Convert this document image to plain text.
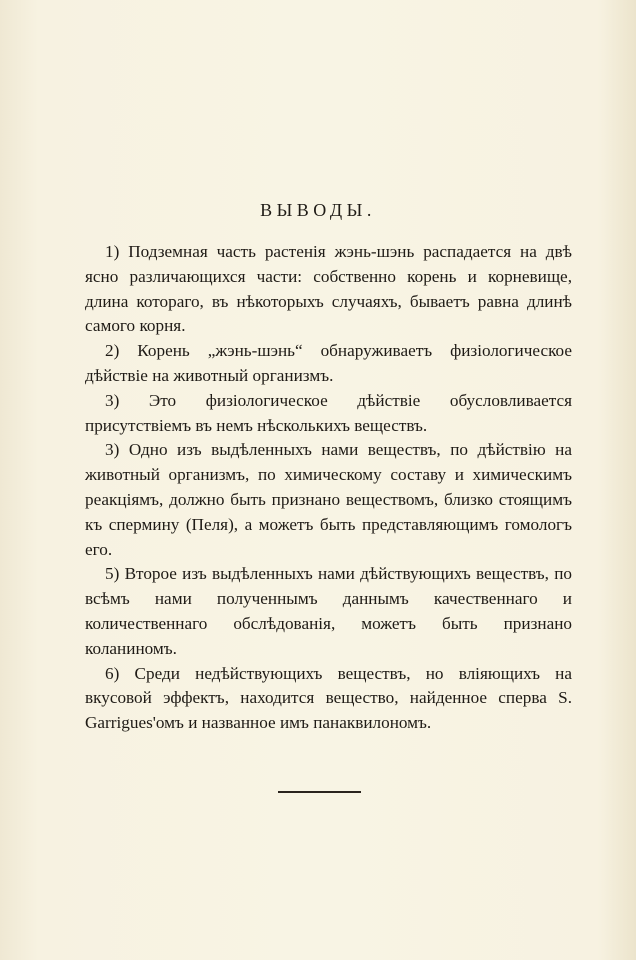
ВЫВОДЫ.

1) Подземная часть растенія жэнь-шэнь распадается на двѣ ясно различающихся части: собственно корень и корневище, длина котораго, въ нѣкоторыхъ случаяхъ, бываетъ равна длинѣ самого корня.

2) Корень „жэнь-шэнь“ обнаруживаетъ физіологическое дѣйствіе на животный организмъ.

3) Это физіологическое дѣйствіе обусловливается присутствіемъ въ немъ нѣсколькихъ веществъ.

3) Одно изъ выдѣленныхъ нами веществъ, по дѣйствію на животный организмъ, по химическому составу и химическимъ реакціямъ, должно быть признано веществомъ, близко стоящимъ къ спермину (Пеля), а можетъ быть представляющимъ гомологъ его.

5) Второе изъ выдѣленныхъ нами дѣйствующихъ веществъ, по всѣмъ нами полученнымъ даннымъ качественнаго и количественнаго обслѣдованія, можетъ быть признано коланиномъ.

6) Среди недѣйствующихъ веществъ, но вліяющихъ на вкусовой эффектъ, находится вещество, найденное сперва S. Garrigues'омъ и названное имъ панаквилономъ.
